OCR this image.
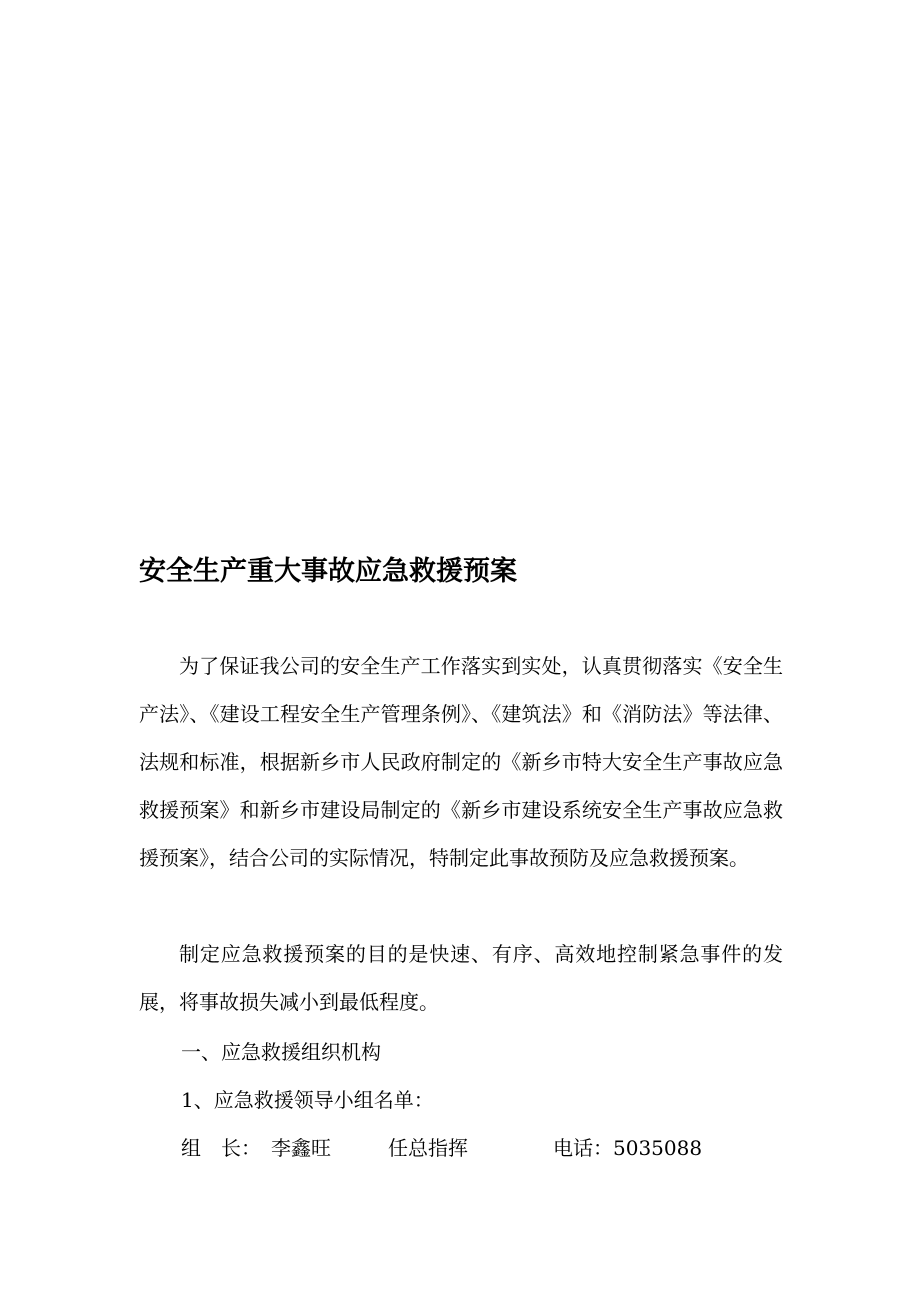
安全生产重大事故应急救援预案

为了保证我公司的安全生产工作落实到实处，认真贯彻落实《安全生产法》、《建设工程安全生产管理条例》、《建筑法》和《消防法》等法律、法规和标准，根据新乡市人民政府制定的《新乡市特大安全生产事故应急救援预案》和新乡市建设局制定的《新乡市建设系统安全生产事故应急救援预案》，结合公司的实际情况，特制定此事故预防及应急救援预案。

制定应急救援预案的目的是快速、有序、高效地控制紧急事件的发展，将事故损失减小到最低程度。

一、应急救援组织机构

1、应急救援领导小组名单：

组　长： 李鑫旺	任总指挥	电话：5035088
